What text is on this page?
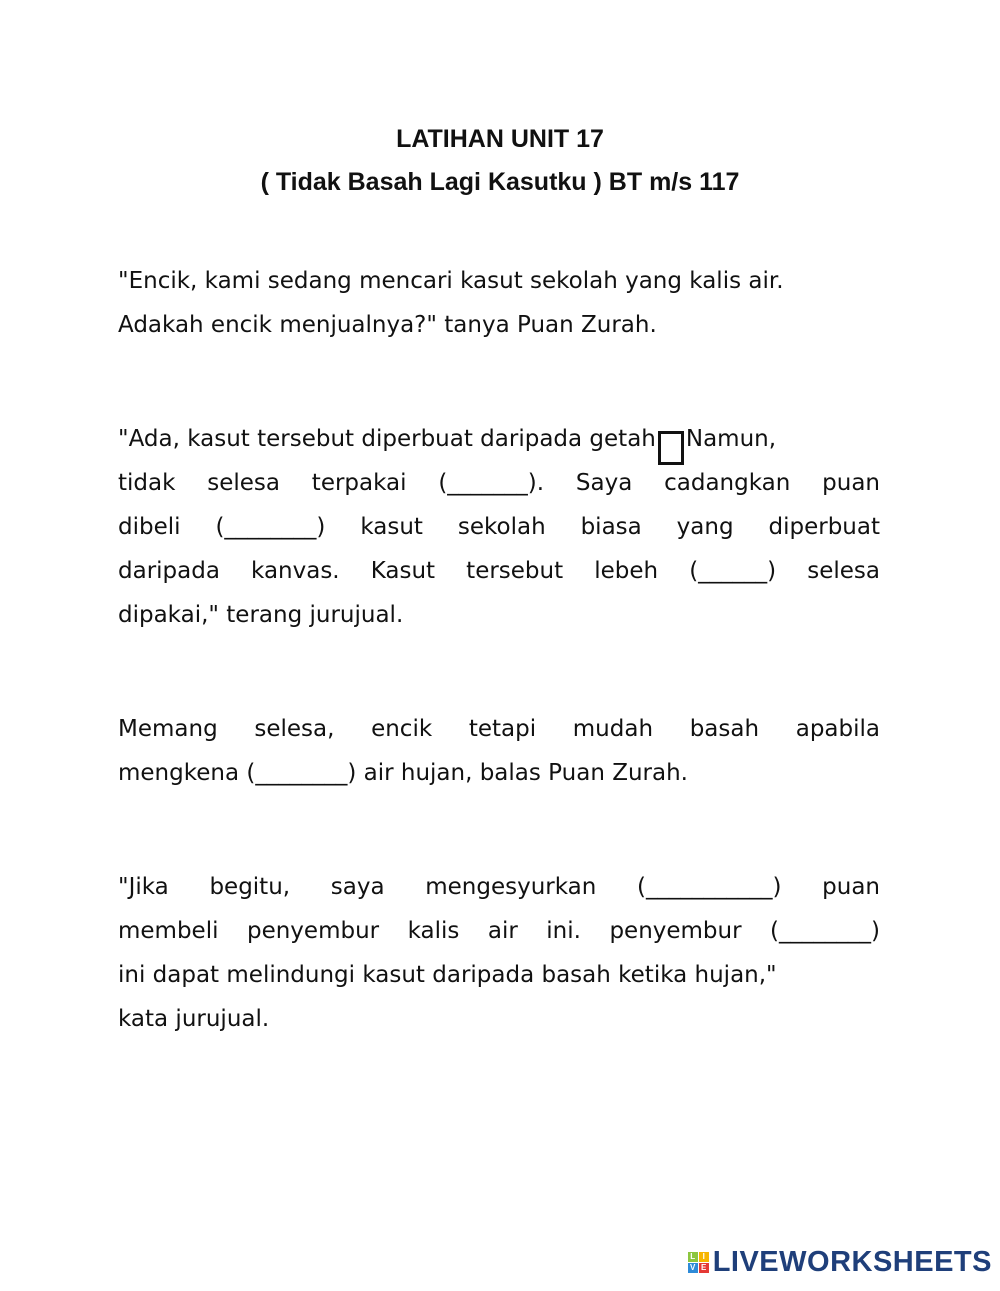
LATIHAN UNIT 17
( Tidak Basah Lagi Kasutku ) BT m/s 117
"Encik, kami sedang mencari kasut sekolah yang kalis air.
Adakah encik menjualnya?" tanya Puan Zurah.
"Ada, kasut tersebut diperbuat daripada getah Namun,
tidak selesa terpakai (_______). Saya cadangkan puan
dibeli (________) kasut sekolah biasa yang diperbuat
daripada kanvas. Kasut tersebut lebeh (______) selesa
dipakai," terang jurujual.
Memang selesa, encik tetapi mudah basah apabila
mengkena (________) air hujan, balas Puan Zurah.
"Jika begitu, saya mengesyurkan (___________) puan
membeli penyembur kalis air ini. penyembur (________)
ini dapat melindungi kasut daripada basah ketika hujan,"
kata jurujual.
L I
V E LIVEWORKSHEETS
